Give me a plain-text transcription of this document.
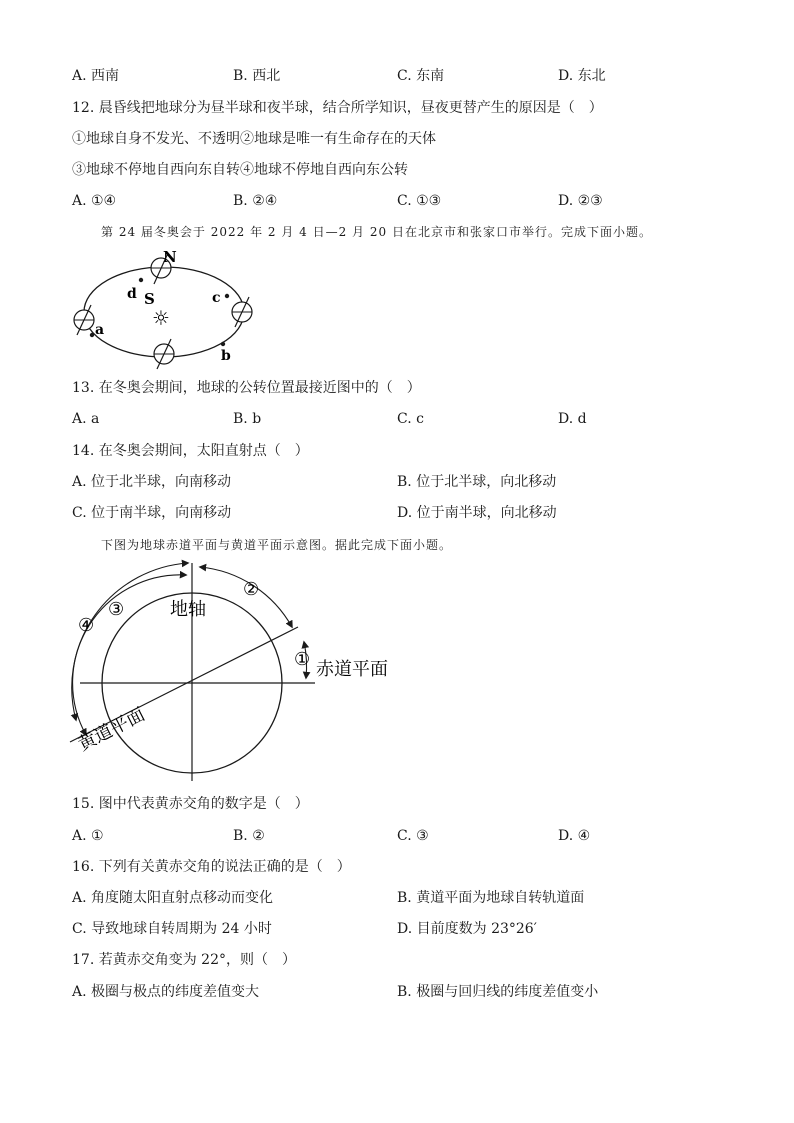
A. 西南	B. 西北	C. 东南	D. 东北
12. 晨昏线把地球分为昼半球和夜半球，结合所学知识，昼夜更替产生的原因是（　）
①地球自身不发光、不透明②地球是唯一有生命存在的天体
③地球不停地自西向东自转④地球不停地自西向东公转
A. ①④	B. ②④	C. ①③	D. ②③
第 24 届冬奥会于 2022 年 2 月 4 日—2 月 20 日在北京市和张家口市举行。完成下面小题。
N
S
d	c
b
a ☼
13. 在冬奥会期间，地球的公转位置最接近图中的（　）
A. a	B. b	C. c	D. d
14. 在冬奥会期间，太阳直射点（　）
A. 位于北半球，向南移动	B. 位于北半球，向北移动
C. 位于南半球，向南移动	D. 位于南半球，向北移动
下图为地球赤道平面与黄道平面示意图。据此完成下面小题。
地轴
赤道平面
黄道平面
①
②
③
④
15. 图中代表黄赤交角的数字是（　）
A. ①	B. ②	C. ③	D. ④
16. 下列有关黄赤交角的说法正确的是（　）
A. 角度随太阳直射点移动而变化	B. 黄道平面为地球自转轨道面
C. 导致地球自转周期为 24 小时	D. 目前度数为 23°26′
17. 若黄赤交角变为 22°，则（　）
A. 极圈与极点的纬度差值变大	B. 极圈与回归线的纬度差值变小
